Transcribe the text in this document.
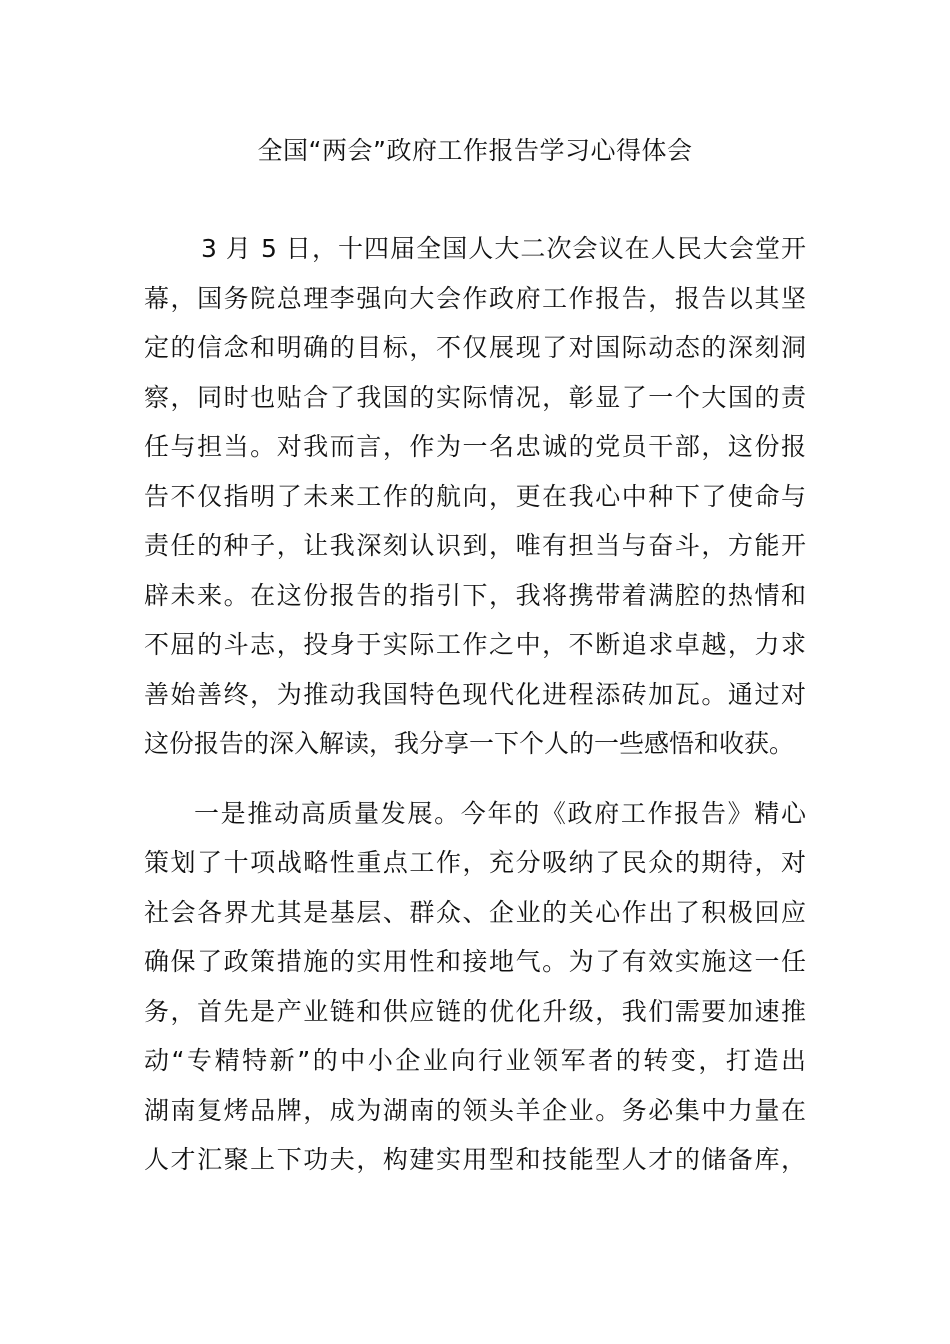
全国“两会”政府工作报告学习心得体会
3 月 5 日，十四届全国人大二次会议在人民大会堂开
幕，国务院总理李强向大会作政府工作报告，报告以其坚
定的信念和明确的目标，不仅展现了对国际动态的深刻洞
察，同时也贴合了我国的实际情况，彰显了一个大国的责
任与担当。对我而言，作为一名忠诚的党员干部，这份报
告不仅指明了未来工作的航向，更在我心中种下了使命与
责任的种子，让我深刻认识到，唯有担当与奋斗，方能开
辟未来。在这份报告的指引下，我将携带着满腔的热情和
不屈的斗志，投身于实际工作之中，不断追求卓越，力求
善始善终，为推动我国特色现代化进程添砖加瓦。通过对
这份报告的深入解读，我分享一下个人的一些感悟和收获。
一是推动高质量发展。今年的《政府工作报告》精心
策划了十项战略性重点工作，充分吸纳了民众的期待，对
社会各界尤其是基层、群众、企业的关心作出了积极回应
确保了政策措施的实用性和接地气。为了有效实施这一任
务，首先是产业链和供应链的优化升级，我们需要加速推
动“专精特新”的中小企业向行业领军者的转变，打造出
湖南复烤品牌，成为湖南的领头羊企业。务必集中力量在
人才汇聚上下功夫，构建实用型和技能型人才的储备库，
